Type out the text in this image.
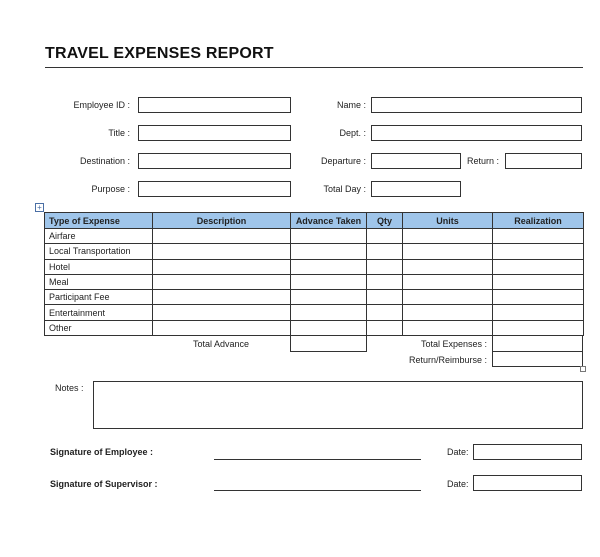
TRAVEL EXPENSES REPORT
Employee ID :	Name :
Title :	Dept. :
Destination :	Departure :	Return :
Purpose :	Total Day :
+
Type of Expense	Description	Advance Taken	Qty	Units	Realization
Airfare					
Local Transportation					
Hotel					
Meal					
Participant Fee					
Entertainment					
Other					
Total Advance	Total Expenses :
Return/Reimburse :
Notes :
Signature of Employee :	Date:
Signature of Supervisor :	Date:
